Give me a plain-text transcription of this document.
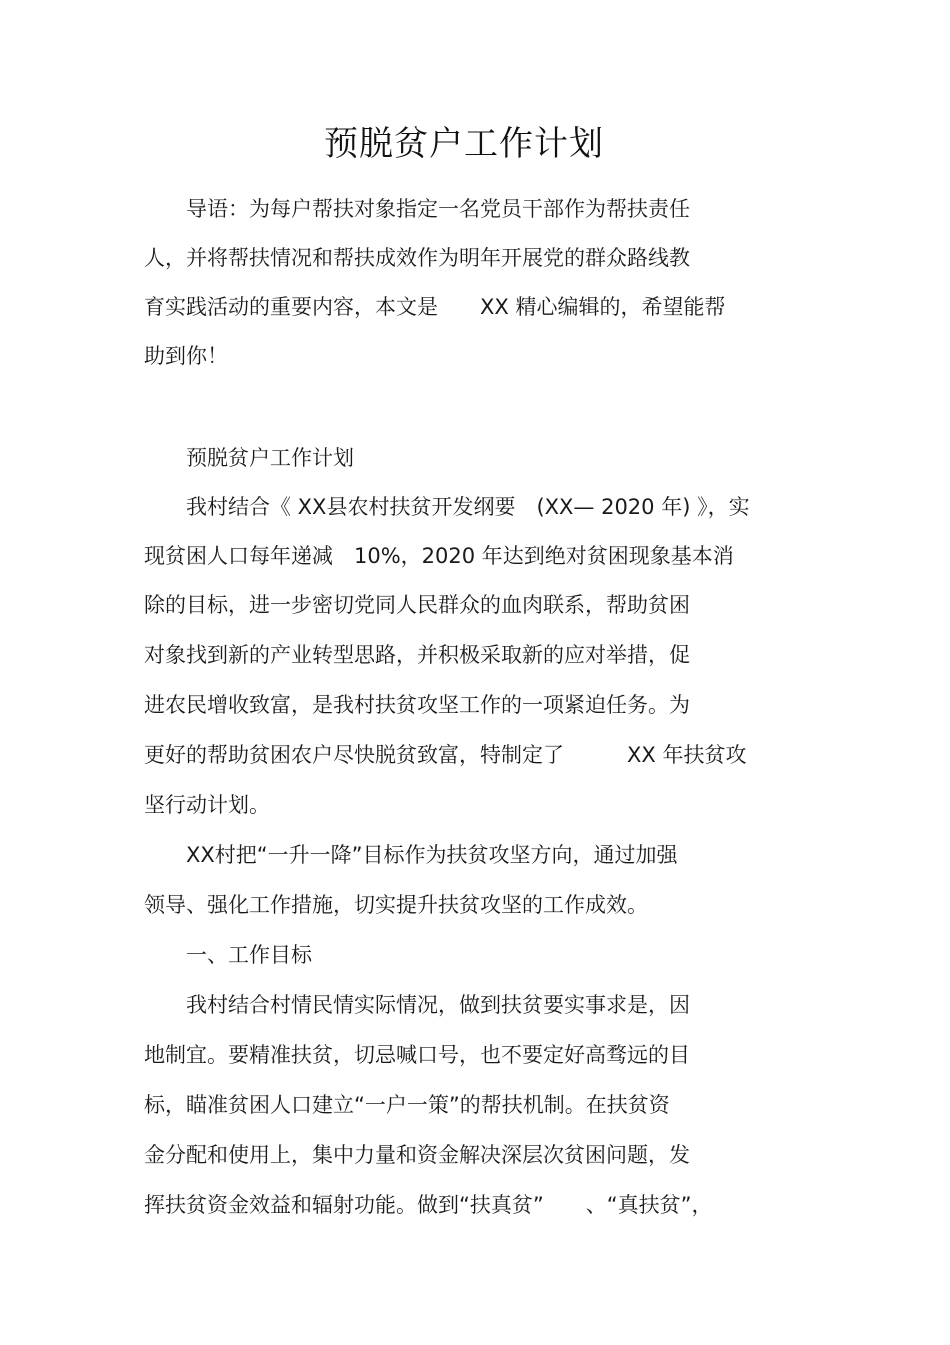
预脱贫户工作计划
　　导语：为每户帮扶对象指定一名党员干部作为帮扶责任
人，并将帮扶情况和帮扶成效作为明年开展党的群众路线教
育实践活动的重要内容，本文是　　XX 精心编辑的，希望能帮
助到你！
　　预脱贫户工作计划
　　我村结合《 XX县农村扶贫开发纲要　(XX— 2020 年) 》，实
现贫困人口每年递减　10%，2020 年达到绝对贫困现象基本消
除的目标，进一步密切党同人民群众的血肉联系，帮助贫困
对象找到新的产业转型思路，并积极采取新的应对举措，促
进农民增收致富，是我村扶贫攻坚工作的一项紧迫任务。为
更好的帮助贫困农户尽快脱贫致富，特制定了　　　XX 年扶贫攻
坚行动计划。
　　XX村把“一升一降”目标作为扶贫攻坚方向，通过加强
领导、强化工作措施，切实提升扶贫攻坚的工作成效。
　　一、工作目标
　　我村结合村情民情实际情况，做到扶贫要实事求是，因
地制宜。要精准扶贫，切忌喊口号，也不要定好高骛远的目
标，瞄准贫困人口建立“一户一策”的帮扶机制。在扶贫资
金分配和使用上，集中力量和资金解决深层次贫困问题，发
挥扶贫资金效益和辐射功能。做到“扶真贫”　　、“真扶贫”，
